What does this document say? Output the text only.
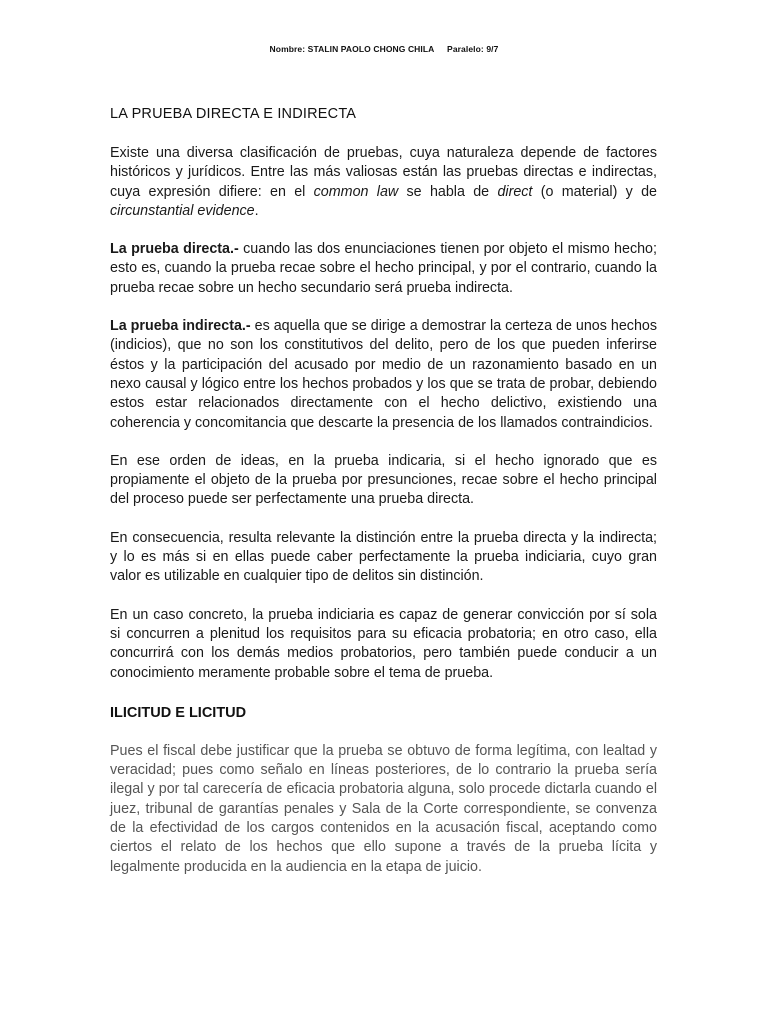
Nombre: STALIN PAOLO CHONG CHILA Paralelo: 9/7
LA PRUEBA DIRECTA E INDIRECTA

Existe una diversa clasificación de pruebas, cuya naturaleza depende de factores históricos y jurídicos. Entre las más valiosas están las pruebas directas e indirectas, cuya expresión difiere: en el common law se habla de direct (o material) y de circunstantial evidence.

La prueba directa.- cuando las dos enunciaciones tienen por objeto el mismo hecho; esto es, cuando la prueba recae sobre el hecho principal, y por el contrario, cuando la prueba recae sobre un hecho secundario será prueba indirecta.

La prueba indirecta.- es aquella que se dirige a demostrar la certeza de unos hechos (indicios), que no son los constitutivos del delito, pero de los que pueden inferirse éstos y la participación del acusado por medio de un razonamiento basado en un nexo causal y lógico entre los hechos probados y los que se trata de probar, debiendo estos estar relacionados directamente con el hecho delictivo, existiendo una coherencia y concomitancia que descarte la presencia de los llamados contraindicios.

En ese orden de ideas, en la prueba indicaria, si el hecho ignorado que es propiamente el objeto de la prueba por presunciones, recae sobre el hecho principal del proceso puede ser perfectamente una prueba directa.

En consecuencia, resulta relevante la distinción entre la prueba directa y la indirecta; y lo es más si en ellas puede caber perfectamente la prueba indiciaria, cuyo gran valor es utilizable en cualquier tipo de delitos sin distinción.

En un caso concreto, la prueba indiciaria es capaz de generar convicción por sí sola si concurren a plenitud los requisitos para su eficacia probatoria; en otro caso, ella concurrirá con los demás medios probatorios, pero también puede conducir a un conocimiento meramente probable sobre el tema de prueba.

ILICITUD E LICITUD

Pues el fiscal debe justificar que la prueba se obtuvo de forma legítima, con lealtad y veracidad; pues como señalo en líneas posteriores, de lo contrario la prueba sería ilegal y por tal carecería de eficacia probatoria alguna, solo procede dictarla cuando el juez, tribunal de garantías penales y Sala de la Corte correspondiente, se convenza de la efectividad de los cargos contenidos en la acusación fiscal, aceptando como ciertos el relato de los hechos que ello supone a través de la prueba lícita y legalmente producida en la audiencia en la etapa de juicio.
